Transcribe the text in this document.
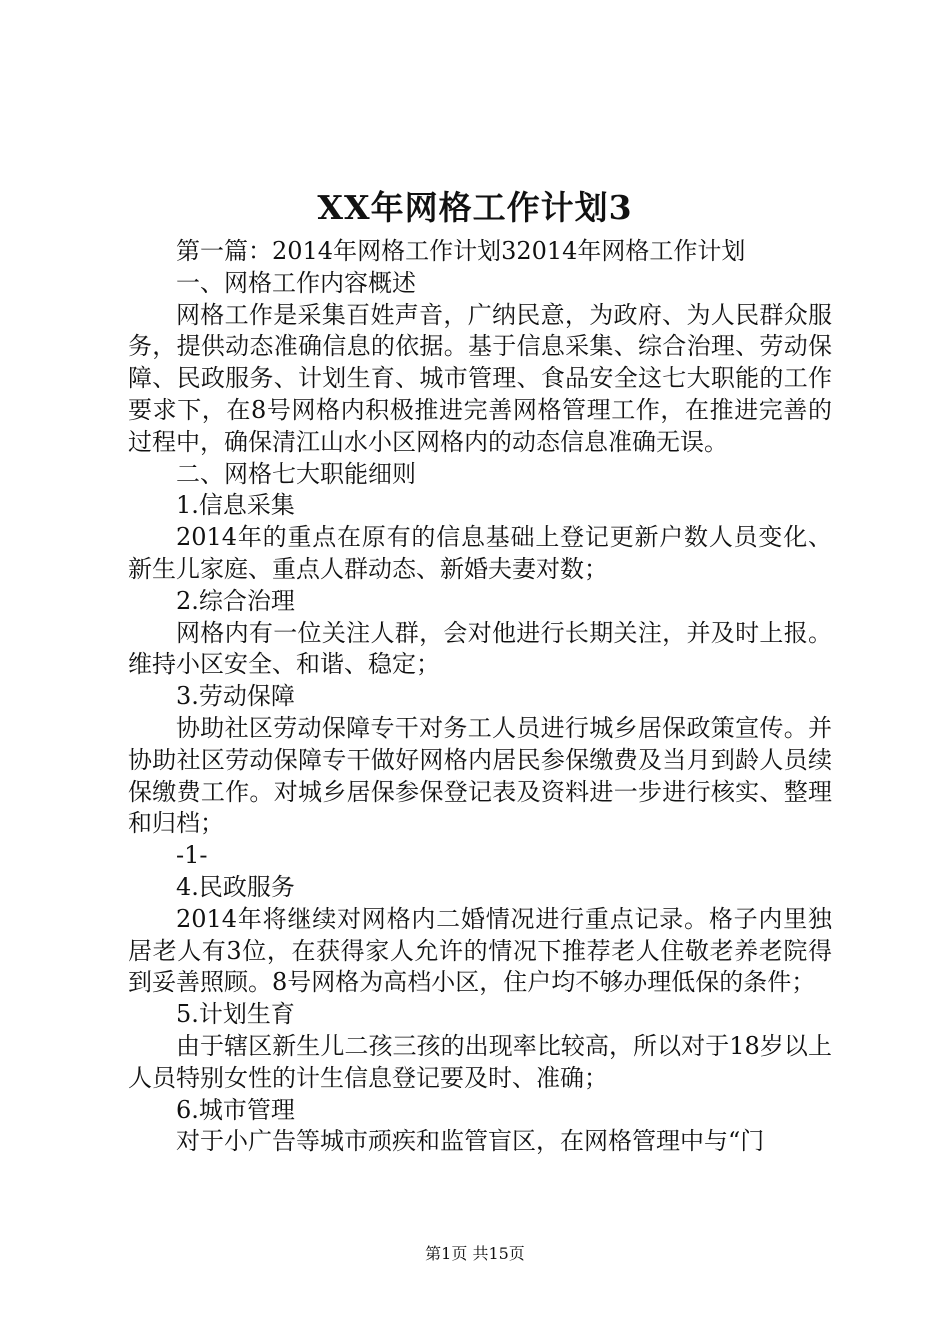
XX年网格工作计划3

第一篇：2014年网格工作计划32014年网格工作计划

一、网格工作内容概述

网格工作是采集百姓声音，广纳民意，为政府、为人民群众服务，提供动态准确信息的依据。基于信息采集、综合治理、劳动保障、民政服务、计划生育、城市管理、食品安全这七大职能的工作要求下，在8号网格内积极推进完善网格管理工作，在推进完善的过程中，确保清江山水小区网格内的动态信息准确无误。

二、网格七大职能细则

1.信息采集

2014年的重点在原有的信息基础上登记更新户数人员变化、新生儿家庭、重点人群动态、新婚夫妻对数；

2.综合治理

网格内有一位关注人群，会对他进行长期关注，并及时上报。维持小区安全、和谐、稳定；

3.劳动保障

协助社区劳动保障专干对务工人员进行城乡居保政策宣传。并协助社区劳动保障专干做好网格内居民参保缴费及当月到龄人员续保缴费工作。对城乡居保参保登记表及资料进一步进行核实、整理和归档；

-1-

4.民政服务

2014年将继续对网格内二婚情况进行重点记录。格子内里独居老人有3位，在获得家人允许的情况下推荐老人住敬老养老院得到妥善照顾。8号网格为高档小区，住户均不够办理低保的条件；

5.计划生育

由于辖区新生儿二孩三孩的出现率比较高，所以对于18岁以上人员特别女性的计生信息登记要及时、准确；

6.城市管理

对于小广告等城市顽疾和监管盲区，在网格管理中与“门

第1页 共15页
